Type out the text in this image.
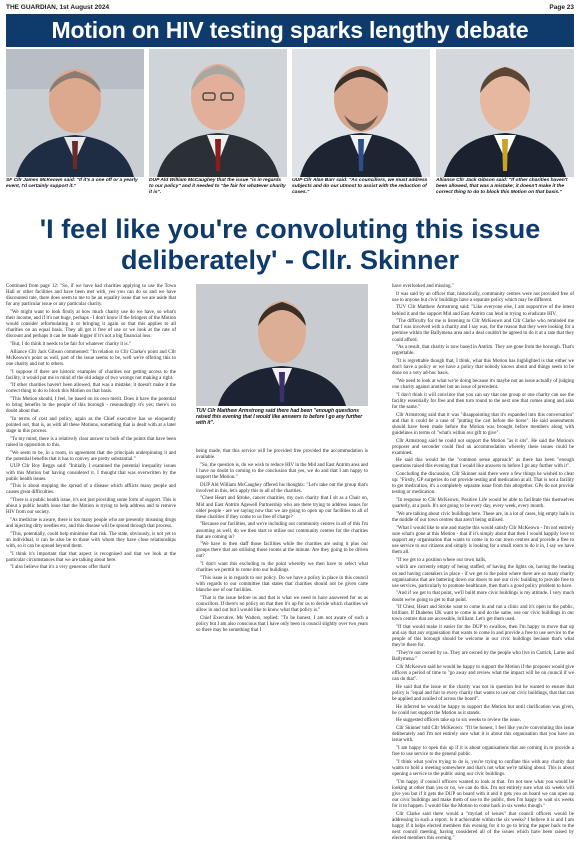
THE GUARDIAN, 1st August 2024	Page 23
Motion on HIV testing sparks lengthy debate
SF Cllr James McKeown said: "If it's a one off or a yearly event, I'd certainly support it."
DUP Ald William McCaughey that the issue "is in regards to our policy" and it needed to "be fair for whatever charity it is".
UUP Cllr Alan Barr said: "As councillors, we must address subjects and do our utmost to assist with the reduction of cases."
Alliance Cllr Jack Gibson said: "If other charities haven't been allowed, that was a mistake; it doesn't make it the correct thing to do to block this Motion on that basis."
'I feel like you're convoluting this issue deliberately' - Cllr. Skinner

Continued from page 12: "So, if we have had charities applying to use the Town Hall or other facilities and have been met with, yes you can do so and we have discounted rate, there does seem to me to be an equality issue that we are aside that for any particular issue or any particular charity.

"We might want to look firstly at how much charity use do we have, so what's their income, and if it's not huge, perhaps - I don't know if the bringers of the Motion would consider reformulating it or bringing it again so that this applies to all charities on an equal basis. They all get it free of use or we look at the rate of discount and perhaps it can be made bigger if it's not a big financial loss.

"But, I do think it needs to be fair for whatever charity it is."

Alliance Cllr Jack Gibson commented: "In relation to Cllr Clarke's point and Cllr McKeown's point as well, part of the issue seems to be, well we're offering this to one charity and not to others.

"I suppose if there are historic examples of charities not getting access to the facility, it would put me in mind of the old adage of two wrongs not making a right.

"If other charities haven't been allowed, that was a mistake; it doesn't make it the correct thing to do to block this Motion on that basis.

"This Motion should, I feel, be based on its own merit. Does it have the potential to bring benefits to the people of this borough - resoundingly it's yes; there's no doubt about that.

"In terms of cost and policy, again as the Chief executive has so eloquently pointed out, that is, as with all these Motions, something that is dealt with at a later stage in this process.

"To my mind, there is a relatively clear answer to both of the points that have been raised in opposition to this.

"We seem to be, in a room, in agreement that the principals underpinning it and the potential benefits that it has to convey are pretty substantial."

UUP Cllr Roy Beggs said: "Initially I examined the potential inequality issues with this Motion but having considered it, I thought that was overwritten by the public health issues.

"This is about stopping the spread of a disease which afflicts many people and causes great difficulties.

"There is a public health issue, it's not just providing some form of support. This is about a public health issue that the Motion is trying to help address and to remove HIV from our society.

"As medicine is aware, there is too many people who are presently misusing drugs and injecting dirty needles etc, and this disease will be spread through that process.

"This, potentially, could help minimise that risk. The state, obviously, is not yet to an individual, it can be also be to those with whom they have close relationships with, so it can be spread beyond them.

"I think it's important that that aspect is recognised and that we look at the particular circumstances that we are talking about here.

"I also believe that it's a very generous offer that'd

TUV Cllr Matthew Armstrong said there had been "enough questions raised this evening that I would like answers to before I go any further with it".

being made, that this service will be provided free provided the accommodation is available.

"So, the question is, do we wish to reduce HIV in the Mid and East Antrim area and I have no doubt in coming to the conclusion that yes, we do and that I am happy to support the Motion."

DUP Ald William McCaughey offered his thoughts: "Let's take out the group that's involved in this, let's apply this to all of the charities.

"Chest Heart and Stroke, cancer charities, my own charity that I sit as a Chair on, Mid and East Antrim Agewell Partnership who are there trying to address issues for older people - are we saying now that we are going to open up our facilities to all of these charities if they come to us free of charge?

"Because our facilities, and we're including our community centres in all of this I'm assuming as well, do we then start to utilise our community centres for the charities that are coming in?

"We have to then staff those facilities while the charities are using it plus our groups there that are utilising those rooms at the minute. Are they going to be driven out?

"I don't want this excluding to the point whereby we then have to select what charities we permit to come into our buildings.

"This issue is in regards to our policy. Do we have a policy in place in this council with regards to our committee that states that charities should not be given carte blanche use of our facilities.

"That is the issue before us and that is what we need to have answered for us as councillors. If there's no policy on that then it's up for us to decide which charities we allow in and out but I would like to know what that policy is."

Chief Executive, Ms Walters, replied: "To be honest, I am not aware of such a policy but I am also conscious that I have only been in council slightly over two years so there may be something that I

have overlooked and missing."

It was said by an officer that, historically, community centres were not provided free of use to anyone but civic buildings have a separate policy which may be different.

TUV Cllr Matthew Armstrong said: "Like everyone else, I am supportive of the intent behind it and the support Mid and East Antrim can lend in trying to eradicate HIV.

"The difficulty for me is listening to Cllr McKeown and Cllr Clarke who reminded me that I was involved with a charity and I say was, for the reason that they were looking for a premise within the Ballymena area and a deal couldn't be agreed to do it at a rate that they could afford.

"As a result, that charity is now based in Antrim. They are gone from the borough. That's regrettable.

"It is regrettable though that, I think, what this Motion has highlighted is that either we don't have a policy or we have a policy that nobody knows about and things seem to be done on a very ad-hoc basis.

"We need to look at what we're doing because it's maybe not an issue actually of judging one charity against another but an issue of precedent.

"I don't think it will convince that you can say that one group or one charity can use the facility essentially for free and then turn round to the next one that comes along and asks for the same."

Cllr Armstrong said that it was "disappointing that it's expanded into this conversation" and that it could be a case of "putting the cart before the horse". He said assessments should have been made before the Motion was brought before members along with guidelines in terms of "what's within our gift to give".

Cllr Armstrong said he could not support the Motion "as it sits". He said the Motion's proposer and seconder could find an accommodation whereby these issues could be examined.

He said this would be the "common sense approach" as there has been "enough questions raised this evening that I would like answers to before I go any further with it".

Concluding the discussion, Cllr Skinner said there were a few things he wished to clear up: "Firstly, GP surgeries do not provide testing and medication at all. That is not a facility to get medication, it's a completely separate issue from this altogether. GPs do not provide testing or medication.

"In response to Cllr McKeown, Positive Life would be able to facilitate this themselves quarterly, at a push. It's not going to be every day, every week, every month.

"We are talking about civic buildings here. These are, in a lot of cases, big empty halls in the middle of our town centres that aren't being utilised.

"What I would like to one and maybe this would satisfy Cllr McKeown - I'm not entirely sure what's gone at this Motion - that if it's simply about that then I would happily love to support any organisation that wants to come in to our town centres and provide a free to use service to our citizens and simply is looking for a small room to do it in, I say we have them all.

"If we get to a position where our town halls,

which are currently empty of being staffed, of having the lights on, having the heating on and having caretakers in place - if we get to the point where there are so many charity organisations that are battering down our doors to use our civic building to provide free to use services, particularly to promote healthcare, then that's a good policy problem to have.

"And if we get to that point, we'll build more civic buildings is my attitude. I very much doubt we're going to get to that point.

"If Chest, Heart and Stroke want to come in and run a clinic and it's open to the public, brilliant. If Diabetes UK want to come in and do the same, use our civic buildings in our town centres that are accessible, brilliant. Let's get them used.

"If that would make it easier for the DUP to swallow, then I'm happy to move that up and say that any organisation that wants to come in and provide a free to use service to the people of this borough should be welcome in our civic buildings because that's what they're there for.

"They're not owned by us. They are owned by the people who live in Carrick, Larne and Ballymena."

Cllr McKeown said he would be happy to support the Motion if the proposer would give officers a period of time to "go away and review what the impact will be on council if we can do that".

He said that the issue or the charity was not in question but he wanted to ensure that policy is "equal and fair to every charity that wants to use our civic buildings, that that can be applied and availed of across the board".

He inferred he would be happy to support the Motion but until clarification was given, he could not support the Motion as it stands.

He suggested officers take up to six weeks to review the issue.

Cllr Skinner told Cllr McKeown: "I'll be honest, I feel like you're convoluting this issue deliberately and I'm not entirely sure what it is about this organisation that you have an issue with.

"I am happy to open this up if it is about organisations that are coming in to provide a free to use service to the general public.

"I think what you're trying to do is, you're trying to conflate this with any charity that wants to hold a meeting somewhere and that's not what we're talking about. This is about opening a service to the public using our civic buildings.

"I'm happy if council officers wanted to look at that. I'm not sure what you would be looking at other than yes or no, we can do this. I'm not entirely sure what six weeks will give you but if it gets the DUP on board with it and it gets you on board we can open up our civic buildings and make them of use to the public, then I'm happy to wait six weeks for it to happen. I would like the Motion to come back in six weeks though."

Cllr Clarke said there would a "myriad of issues" that council officers would be addressing in such a report. Is it achievable within the six weeks? I believe it is and I am happy if it helps elected members this evening for it to go to bring the paper back to the next council meeting, having considered all of the issues which have been raised by elected members this evening."
